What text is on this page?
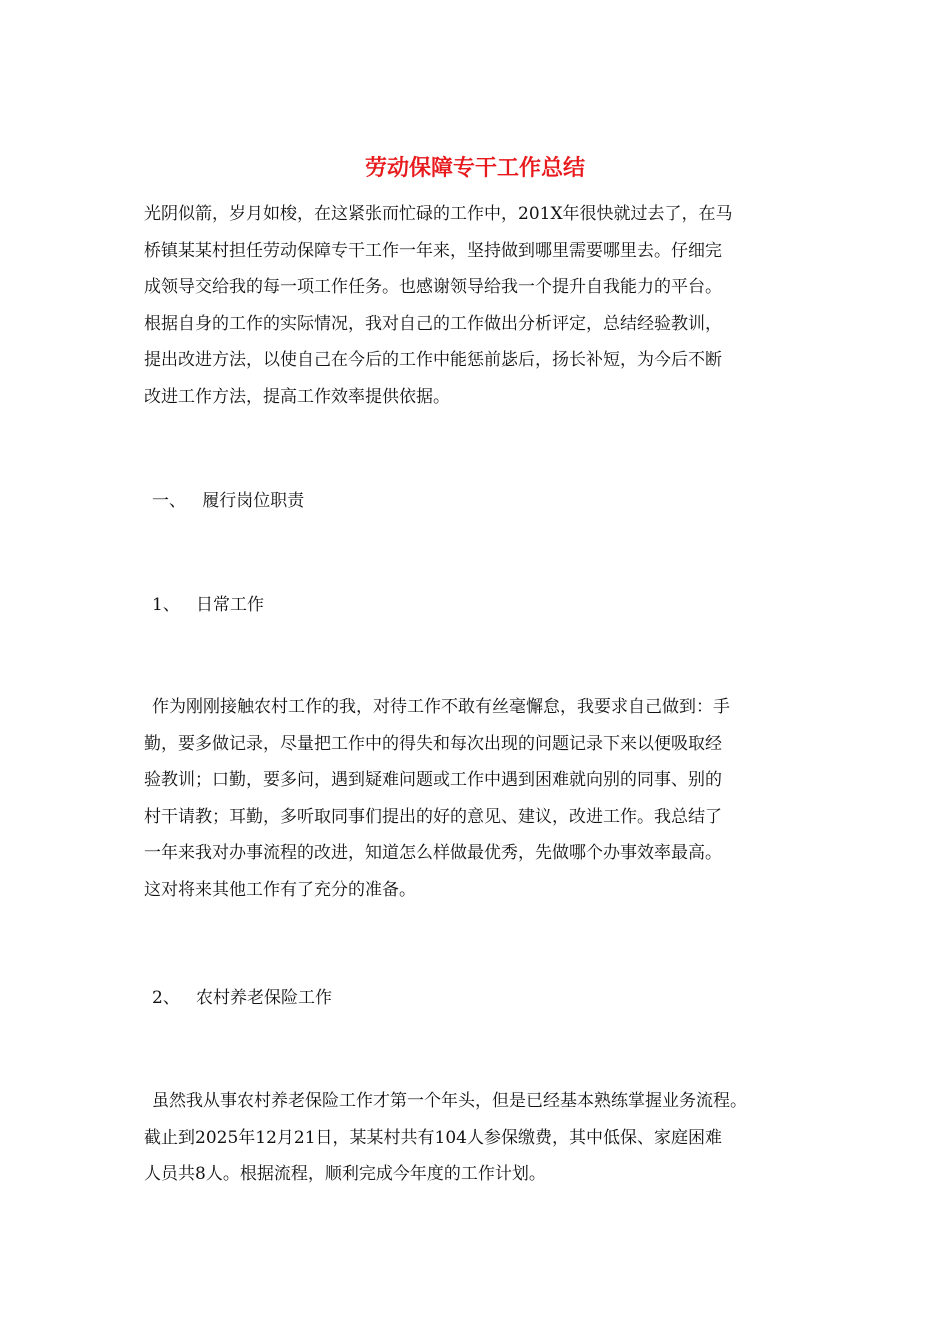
劳动保障专干工作总结
光阴似箭，岁月如梭，在这紧张而忙碌的工作中，201X年很快就过去了，在马
桥镇某某村担任劳动保障专干工作一年来，坚持做到哪里需要哪里去。仔细完
成领导交给我的每一项工作任务。也感谢领导给我一个提升自我能力的平台。
根据自身的工作的实际情况，我对自己的工作做出分析评定，总结经验教训，
提出改进方法，以使自己在今后的工作中能惩前毖后，扬长补短，为今后不断
改进工作方法，提高工作效率提供依据。
一、   履行岗位职责
1、   日常工作
作为刚刚接触农村工作的我，对待工作不敢有丝毫懈怠，我要求自己做到：手
勤，要多做记录，尽量把工作中的得失和每次出现的问题记录下来以便吸取经
验教训；口勤，要多问，遇到疑难问题或工作中遇到困难就向别的同事、别的
村干请教；耳勤，多听取同事们提出的好的意见、建议，改进工作。我总结了
一年来我对办事流程的改进，知道怎么样做最优秀，先做哪个办事效率最高。
这对将来其他工作有了充分的准备。
2、   农村养老保险工作
虽然我从事农村养老保险工作才第一个年头，但是已经基本熟练掌握业务流程。
截止到2025年12月21日，某某村共有104人参保缴费，其中低保、家庭困难
人员共8人。根据流程，顺利完成今年度的工作计划。
